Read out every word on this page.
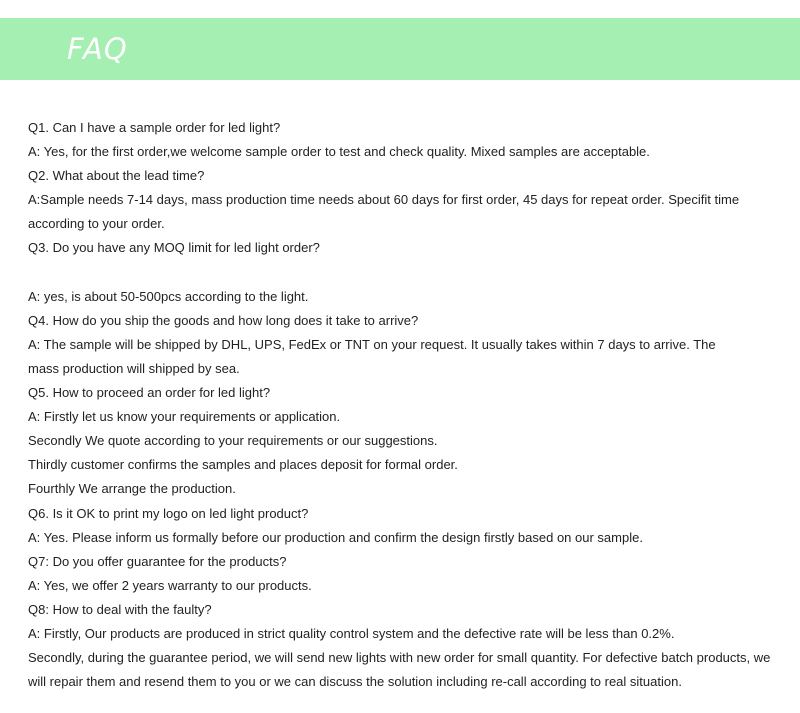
FAQ

Q1. Can I have a sample order for led light?

A: Yes, for the first order,we welcome sample order to test and check quality. Mixed samples are acceptable.

Q2. What about the lead time?

A:Sample needs 7-14 days, mass production time needs about 60 days for first order, 45 days for repeat order. Specifit time

according to your order.

Q3. Do you have any MOQ limit for led light order?

A: yes, is about 50-500pcs according to the light.

Q4. How do you ship the goods and how long does it take to arrive?

A: The sample will be shipped by DHL, UPS, FedEx or TNT on your request. It usually takes within 7 days to arrive. The

mass production will shipped by sea.

Q5. How to proceed an order for led light?

A: Firstly let us know your requirements or application.

Secondly We quote according to your requirements or our suggestions.

Thirdly customer confirms the samples and places deposit for formal order.

Fourthly We arrange the production.

Q6. Is it OK to print my logo on led light product?

A: Yes. Please inform us formally before our production and confirm the design firstly based on our sample.

Q7: Do you offer guarantee for the products?

A: Yes, we offer 2 years warranty to our products.

Q8: How to deal with the faulty?

A: Firstly, Our products are produced in strict quality control system and the defective rate will be less than 0.2%.

Secondly, during the guarantee period, we will send new lights with new order for small quantity. For defective batch products, we

will repair them and resend them to you or we can discuss the solution including re-call according to real situation.
